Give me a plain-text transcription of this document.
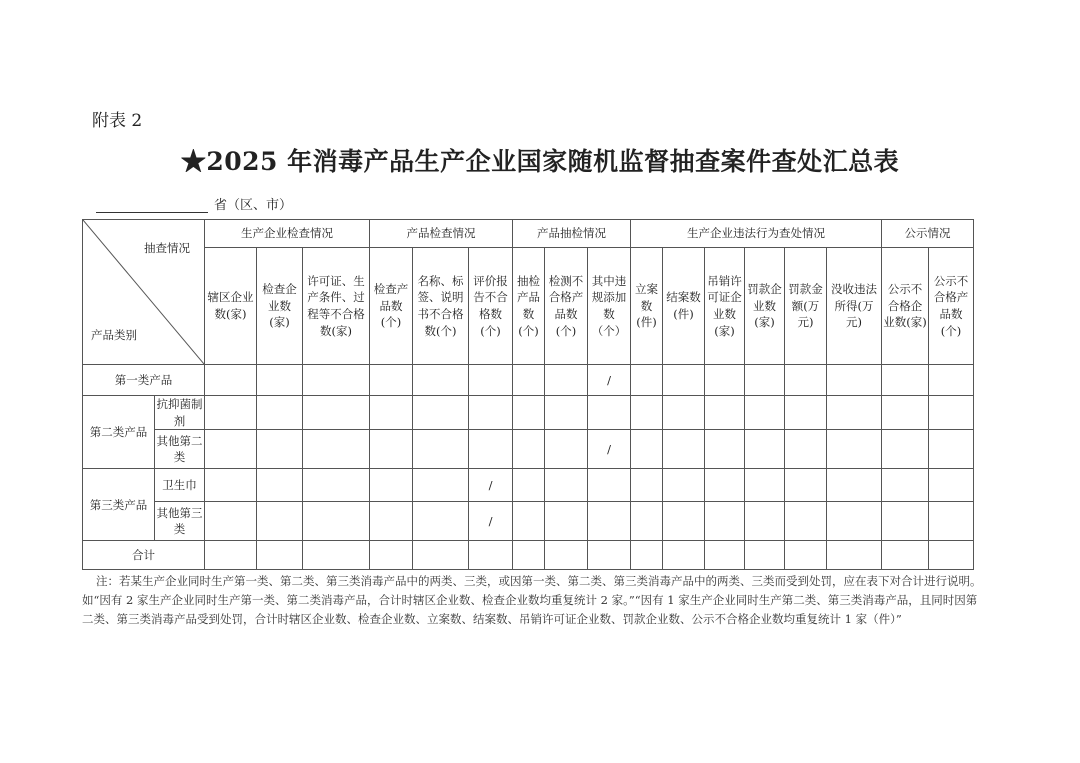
附表 2
★2025 年消毒产品生产企业国家随机监督抽查案件查处汇总表
省（区、市）
抽查情况
产品类别		生产企业检查情况			产品检查情况			产品抽检情况			生产企业违法行为查处情况						公示情况	
		辖区企业数(家)	检查企业数(家)	许可证、生产条件、过程等不合格数(家)	检查产品数(个)	名称、标签、说明书不合格数(个)	评价报告不合格数(个)	抽检产品数(个)	检测不合格产品数(个)	其中违规添加数（个）	立案数(件)	结案数(件)	吊销许可证企业数(家)	罚款企业数(家)	罚款金额(万元)	没收违法所得(万元)	公示不合格企业数(家)	公示不合格产品数(个)
第一类产品										/								
第二类产品	抗抑菌制剂																	
	其他第二类									/								
第三类产品	卫生巾						/											
	其他第三类						/											
合计																		
注：若某生产企业同时生产第一类、第二类、第三类消毒产品中的两类、三类，或因第一类、第二类、第三类消毒产品中的两类、三类而受到处罚，应在表下对合计进行说明。如“因有 2 家生产企业同时生产第一类、第二类消毒产品，合计时辖区企业数、检查企业数均重复统计 2 家。”“因有 1 家生产企业同时生产第二类、第三类消毒产品，且同时因第二类、第三类消毒产品受到处罚，合计时辖区企业数、检查企业数、立案数、结案数、吊销许可证企业数、罚款企业数、公示不合格企业数均重复统计 1 家（件）”
